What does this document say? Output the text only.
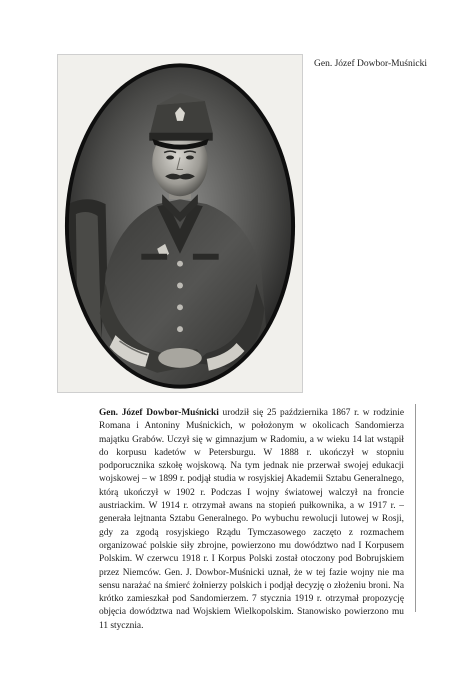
Gen. Józef Dowbor-Muśnicki
Gen. Józef Dowbor-Muśnicki urodził się 25 października 1867 r. w rodzinie Romana i Antoniny Muśnickich, w położonym w okolicach Sandomierza majątku Grabów. Uczył się w gimnazjum w Radomiu, a w wieku 14 lat wstąpił do korpusu kadetów w Petersburgu. W 1888 r. ukończył w stopniu podporucznika szkołę wojskową. Na tym jednak nie przerwał swojej edukacji wojskowej – w 1899 r. podjął studia w rosyjskiej Akademii Sztabu Generalnego, którą ukończył w 1902 r. Podczas I wojny światowej walczył na froncie austriackim. W 1914 r. otrzymał awans na stopień pułkownika, a w 1917 r. – generała lejtnanta Sztabu Generalnego. Po wybuchu rewolucji lutowej w Rosji, gdy za zgodą rosyjskiego Rządu Tymczasowego zaczęto z rozmachem organizować polskie siły zbrojne, powierzono mu dowództwo nad I Korpusem Polskim. W czerwcu 1918 r. I Korpus Polski został otoczony pod Bobrujskiem przez Niemców. Gen. J. Dowbor-Muśnicki uznał, że w tej fazie wojny nie ma sensu narażać na śmierć żołnierzy polskich i podjął decyzję o złożeniu broni. Na krótko zamieszkał pod Sandomierzem. 7 stycznia 1919 r. otrzymał propozycję objęcia dowództwa nad Wojskiem Wielkopolskim. Stanowisko powierzono mu 11 stycznia.
